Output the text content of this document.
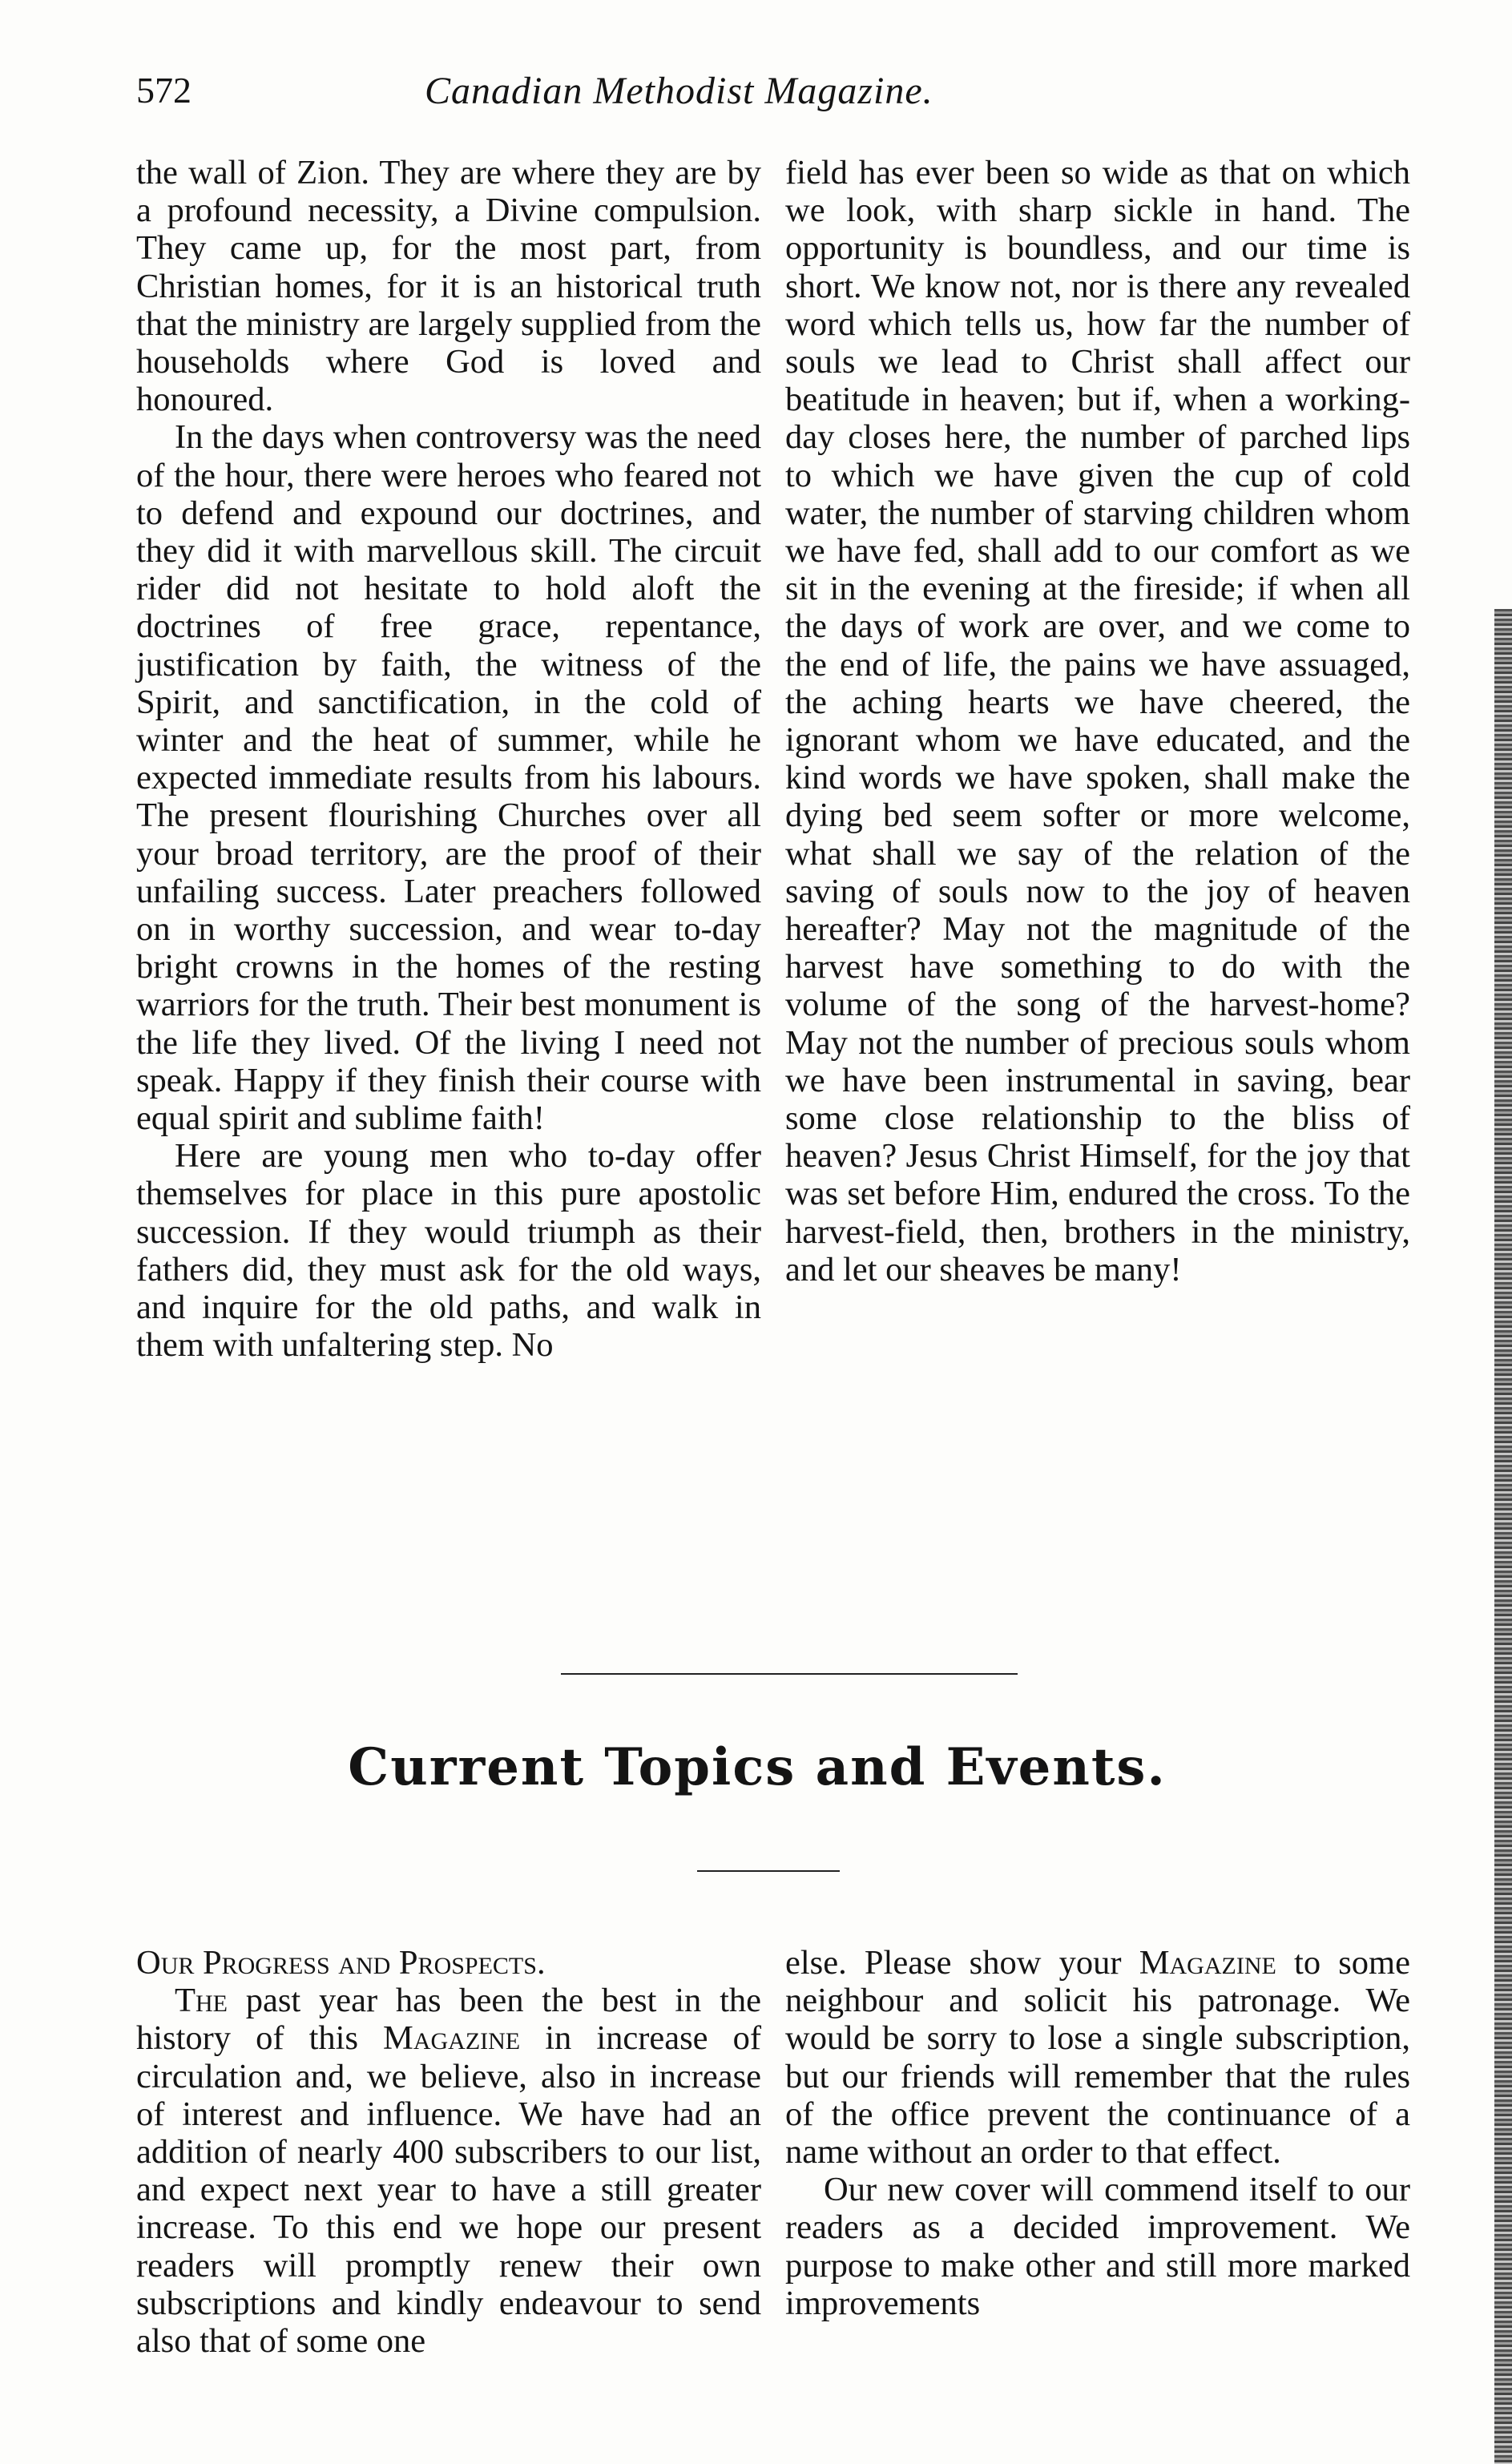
572	Canadian Methodist Magazine.

the wall of Zion. They are where they are by a profound necessity, a Divine compulsion. They came up, for the most part, from Christian homes, for it is an historical truth that the ministry are largely supplied from the households where God is loved and honoured.

In the days when controversy was the need of the hour, there were heroes who feared not to defend and expound our doctrines, and they did it with marvellous skill. The circuit rider did not hesitate to hold aloft the doctrines of free grace, repentance, justification by faith, the witness of the Spirit, and sanctification, in the cold of winter and the heat of summer, while he expected immediate results from his labours. The present flourishing Churches over all your broad territory, are the proof of their unfailing success. Later preachers followed on in worthy succession, and wear to-day bright crowns in the homes of the resting warriors for the truth. Their best monument is the life they lived. Of the living I need not speak. Happy if they finish their course with equal spirit and sublime faith!

Here are young men who to-day offer themselves for place in this pure apostolic succession. If they would triumph as their fathers did, they must ask for the old ways, and inquire for the old paths, and walk in them with unfaltering step. No

field has ever been so wide as that on which we look, with sharp sickle in hand. The opportunity is boundless, and our time is short. We know not, nor is there any revealed word which tells us, how far the number of souls we lead to Christ shall affect our beatitude in heaven; but if, when a working-day closes here, the number of parched lips to which we have given the cup of cold water, the number of starving children whom we have fed, shall add to our comfort as we sit in the evening at the fireside; if when all the days of work are over, and we come to the end of life, the pains we have assuaged, the aching hearts we have cheered, the ignorant whom we have educated, and the kind words we have spoken, shall make the dying bed seem softer or more welcome, what shall we say of the relation of the saving of souls now to the joy of heaven hereafter? May not the magnitude of the harvest have something to do with the volume of the song of the harvest-home? May not the number of precious souls whom we have been instrumental in saving, bear some close relationship to the bliss of heaven? Jesus Christ Himself, for the joy that was set before Him, endured the cross. To the harvest-field, then, brothers in the ministry, and let our sheaves be many!

Current Topics and Events.

Our Progress and Prospects.

The past year has been the best in the history of this Magazine in increase of circulation and, we believe, also in increase of interest and influence. We have had an addition of nearly 400 subscribers to our list, and expect next year to have a still greater increase. To this end we hope our present readers will promptly renew their own subscriptions and kindly endeavour to send also that of some one

else. Please show your Magazine to some neighbour and solicit his patronage. We would be sorry to lose a single subscription, but our friends will remember that the rules of the office prevent the continuance of a name without an order to that effect.

Our new cover will commend itself to our readers as a decided improvement. We purpose to make other and still more marked improvements
